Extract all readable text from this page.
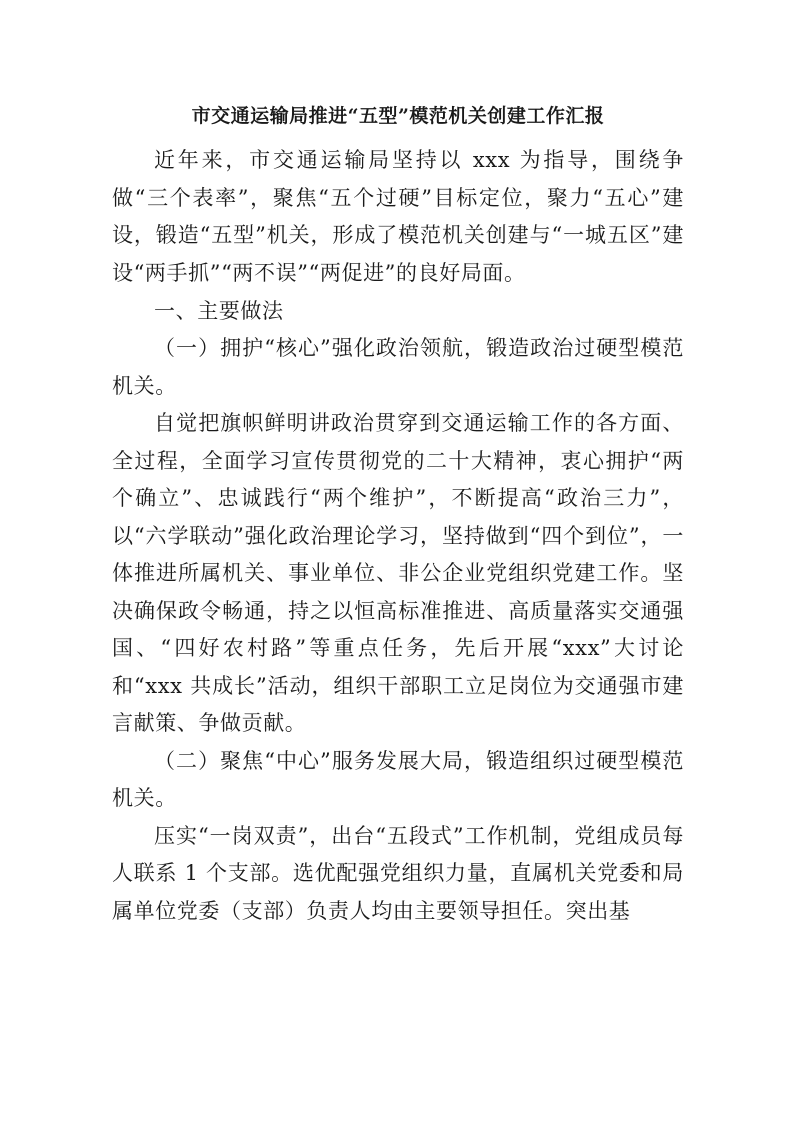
市交通运输局推进“五型”模范机关创建工作汇报

近年来，市交通运输局坚持以 xxx 为指导，围绕争做“三个表率”，聚焦“五个过硬”目标定位，聚力“五心”建设，锻造“五型”机关，形成了模范机关创建与“一城五区”建设“两手抓”“两不误”“两促进”的良好局面。

一、主要做法

（一）拥护“核心”强化政治领航，锻造政治过硬型模范机关。

自觉把旗帜鲜明讲政治贯穿到交通运输工作的各方面、全过程，全面学习宣传贯彻党的二十大精神，衷心拥护“两个确立”、忠诚践行“两个维护”，不断提高“政治三力”，以“六学联动”强化政治理论学习，坚持做到“四个到位”，一体推进所属机关、事业单位、非公企业党组织党建工作。坚决确保政令畅通，持之以恒高标准推进、高质量落实交通强国、“四好农村路”等重点任务，先后开展“xxx”大讨论和“xxx 共成长”活动，组织干部职工立足岗位为交通强市建言献策、争做贡献。

（二）聚焦“中心”服务发展大局，锻造组织过硬型模范机关。

压实“一岗双责”，出台“五段式”工作机制，党组成员每人联系 1 个支部。选优配强党组织力量，直属机关党委和局属单位党委（支部）负责人均由主要领导担任。突出基
